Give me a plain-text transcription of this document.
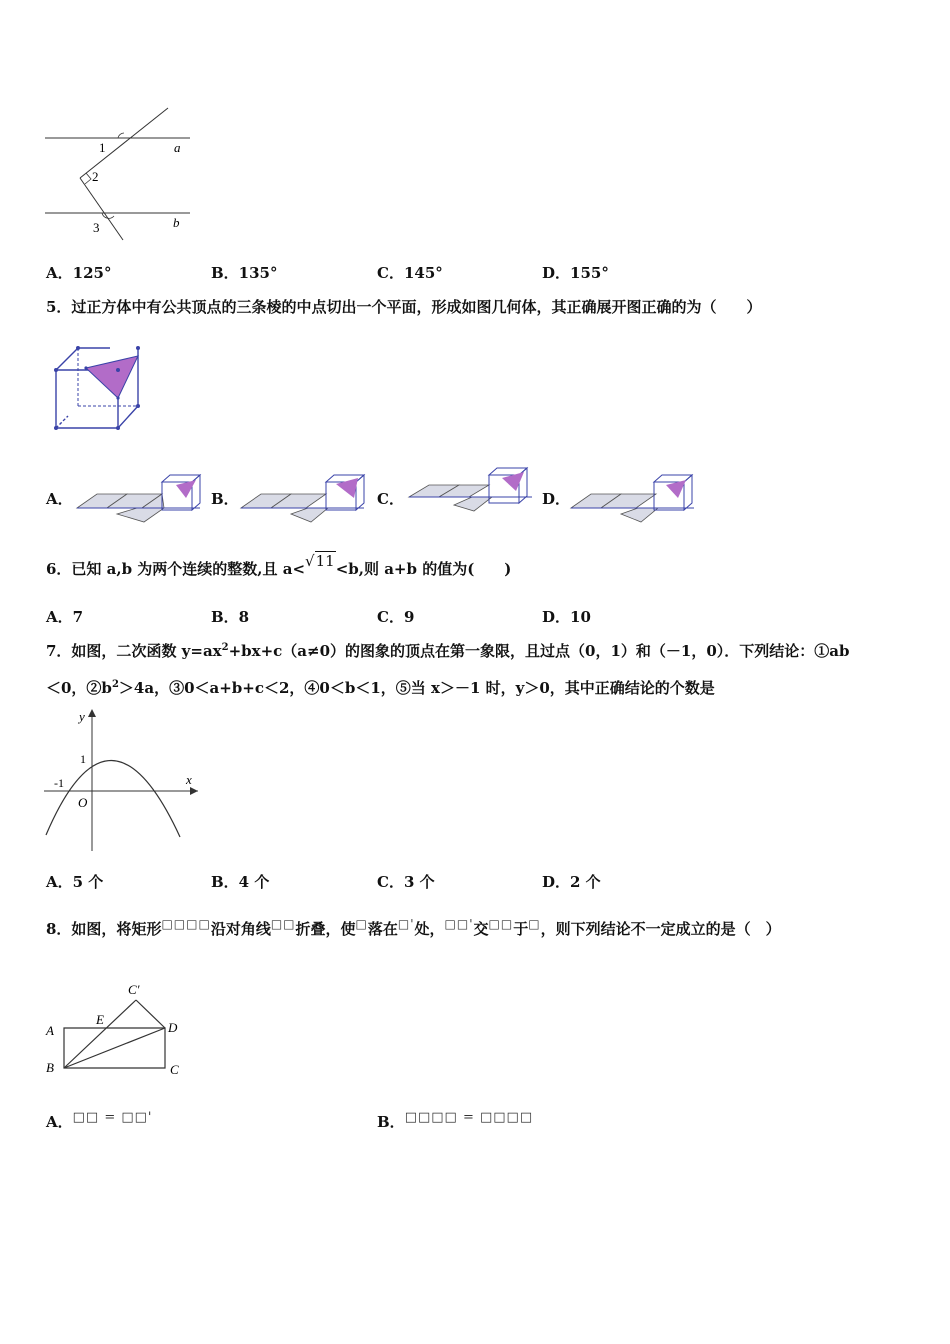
1
2
3
a
b
A．125°	B．135°	C．145°	D．155°
5．过正方体中有公共顶点的三条棱的中点切出一个平面，形成如图几何体，其正确展开图正确的为（　　）
A．	B．	C．	D．
6．已知 a,b 为两个连续的整数,且 a<√11<b,则 a+b 的值为(　　)
A．7	B．8	C．9	D．10
7．如图，二次函数 $y=ax^2+bx+c(a\ne 0)$的图象的顶点在第一象限，且过点（0，1）和（－1，0）．下列结论：①ab
＜0，$②b^2>4a$，③0＜a+b+c＜2，④0＜b＜1，⑤当 x＞－1 时，y＞0，其中正确结论的个数是
y
x
1
-1
O
A．5 个	B．4 个	C．3 个	D．2 个
8．如图，将矩形□□□□沿对角线□□折叠，使□落在□'处，□□'交□□于□，则下列结论不一定成立的是（　）
A
B	C
D
E
C′
A．□□ = □□'	B．□□□□ = □□□□
